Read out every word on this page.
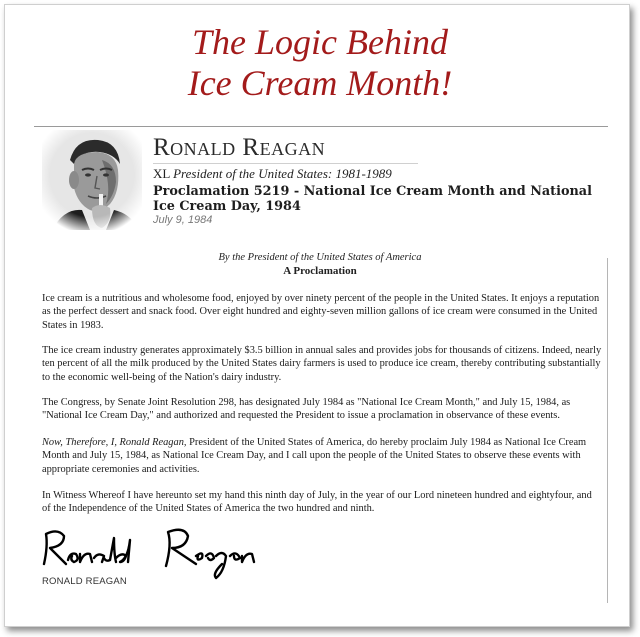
The Logic Behind
Ice Cream Month!
Ronald Reagan
XL President of the United States: 1981-1989
Proclamation 5219 - National Ice Cream Month and National Ice Cream Day, 1984
July 9, 1984
By the President of the United States of America
A Proclamation
Ice cream is a nutritious and wholesome food, enjoyed by over ninety percent of the people in the United States. It enjoys a reputation as the perfect dessert and snack food. Over eight hundred and eighty-seven million gallons of ice cream were consumed in the United States in 1983.
The ice cream industry generates approximately $3.5 billion in annual sales and provides jobs for thousands of citizens. Indeed, nearly ten percent of all the milk produced by the United States dairy farmers is used to produce ice cream, thereby contributing substantially to the economic well-being of the Nation's dairy industry.
The Congress, by Senate Joint Resolution 298, has designated July 1984 as "National Ice Cream Month," and July 15, 1984, as "National Ice Cream Day," and authorized and requested the President to issue a proclamation in observance of these events.
Now, Therefore, I, Ronald Reagan, President of the United States of America, do hereby proclaim July 1984 as National Ice Cream Month and July 15, 1984, as National Ice Cream Day, and I call upon the people of the United States to observe these events with appropriate ceremonies and activities.
In Witness Whereof I have hereunto set my hand this ninth day of July, in the year of our Lord nineteen hundred and eightyfour, and of the Independence of the United States of America the two hundred and ninth.
RONALD REAGAN
